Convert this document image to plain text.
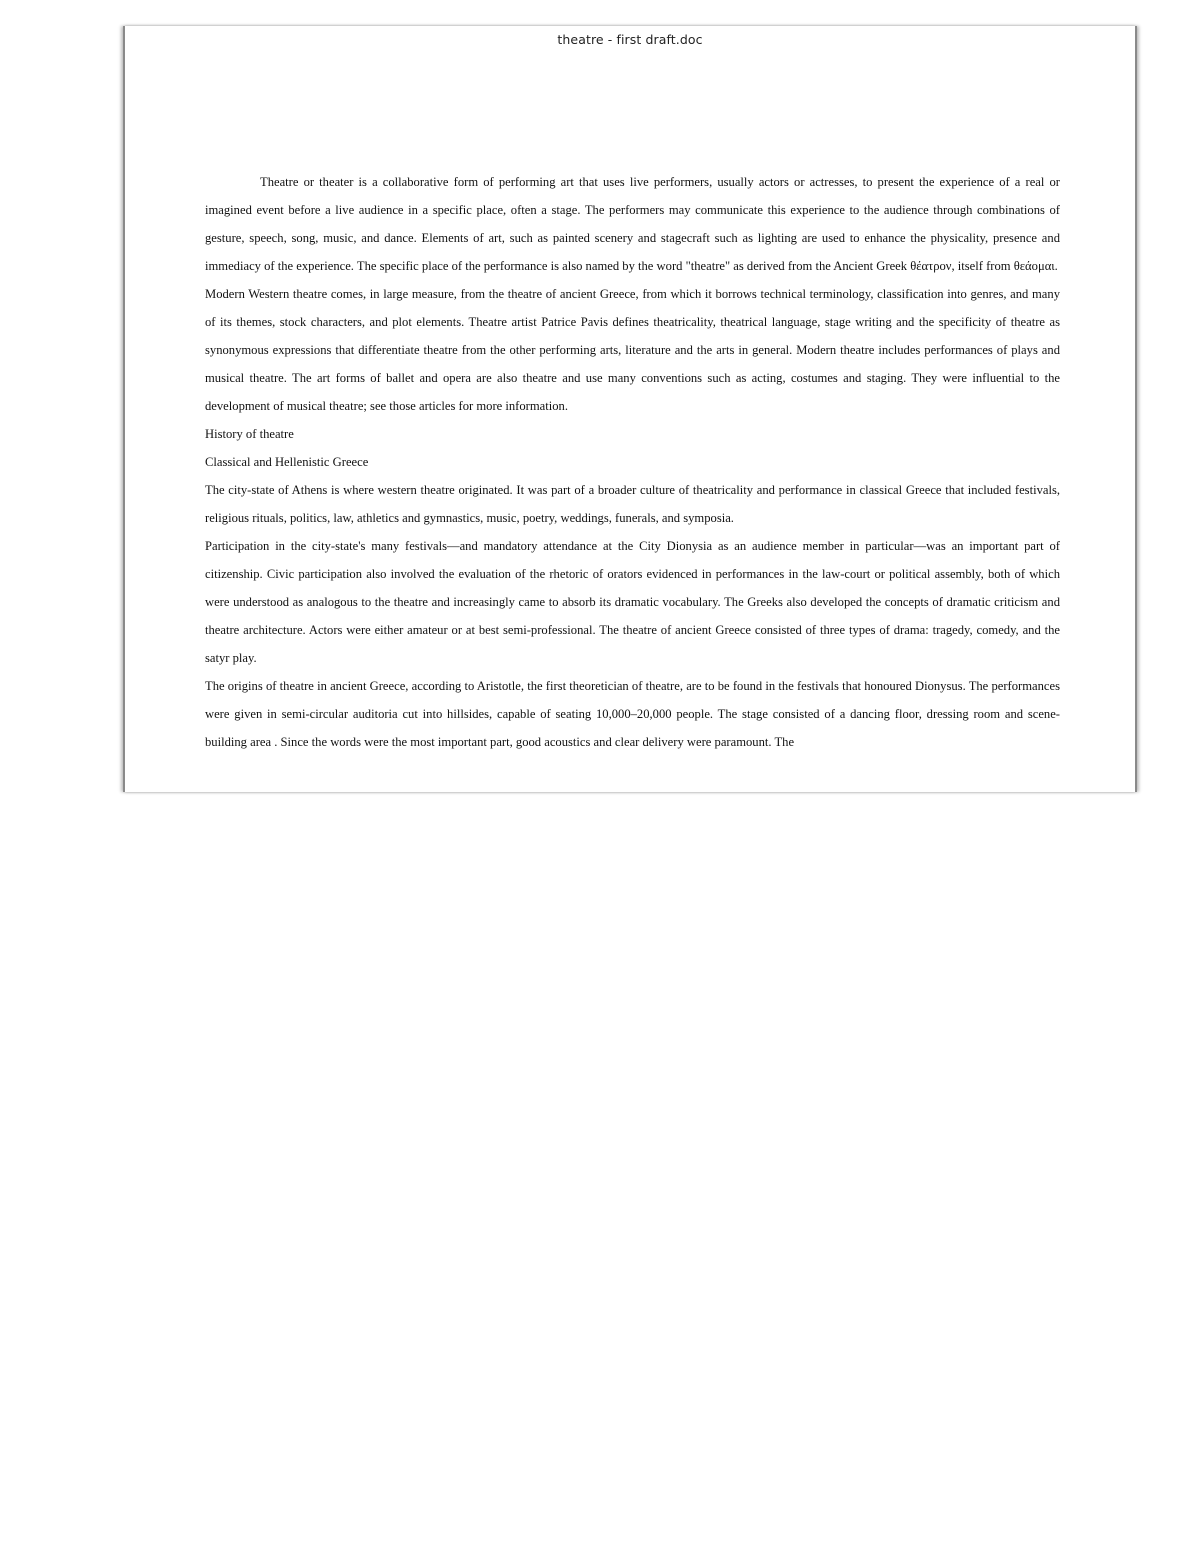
theatre - first draft.doc

Theatre or theater is a collaborative form of performing art that uses live performers, usually actors or actresses, to present the experience of a real or imagined event before a live audience in a specific place, often a stage. The performers may communicate this experience to the audience through combinations of gesture, speech, song, music, and dance. Elements of art, such as painted scenery and stagecraft such as lighting are used to enhance the physicality, presence and immediacy of the experience. The specific place of the performance is also named by the word "theatre" as derived from the Ancient Greek θέατρον, itself from θεάομαι.

Modern Western theatre comes, in large measure, from the theatre of ancient Greece, from which it borrows technical terminology, classification into genres, and many of its themes, stock characters, and plot elements. Theatre artist Patrice Pavis defines theatricality, theatrical language, stage writing and the specificity of theatre as synonymous expressions that differentiate theatre from the other performing arts, literature and the arts in general. Modern theatre includes performances of plays and musical theatre. The art forms of ballet and opera are also theatre and use many conventions such as acting, costumes and staging. They were influential to the development of musical theatre; see those articles for more information.

History of theatre

Classical and Hellenistic Greece

The city-state of Athens is where western theatre originated. It was part of a broader culture of theatricality and performance in classical Greece that included festivals, religious rituals, politics, law, athletics and gymnastics, music, poetry, weddings, funerals, and symposia.

Participation in the city-state's many festivals—and mandatory attendance at the City Dionysia as an audience member in particular—was an important part of citizenship. Civic participation also involved the evaluation of the rhetoric of orators evidenced in performances in the law-court or political assembly, both of which were understood as analogous to the theatre and increasingly came to absorb its dramatic vocabulary. The Greeks also developed the concepts of dramatic criticism and theatre architecture. Actors were either amateur or at best semi-professional. The theatre of ancient Greece consisted of three types of drama: tragedy, comedy, and the satyr play.

The origins of theatre in ancient Greece, according to Aristotle, the first theoretician of theatre, are to be found in the festivals that honoured Dionysus. The performances were given in semi-circular auditoria cut into hillsides, capable of seating 10,000–20,000 people. The stage consisted of a dancing floor, dressing room and scene-building area . Since the words were the most important part, good acoustics and clear delivery were paramount. The
